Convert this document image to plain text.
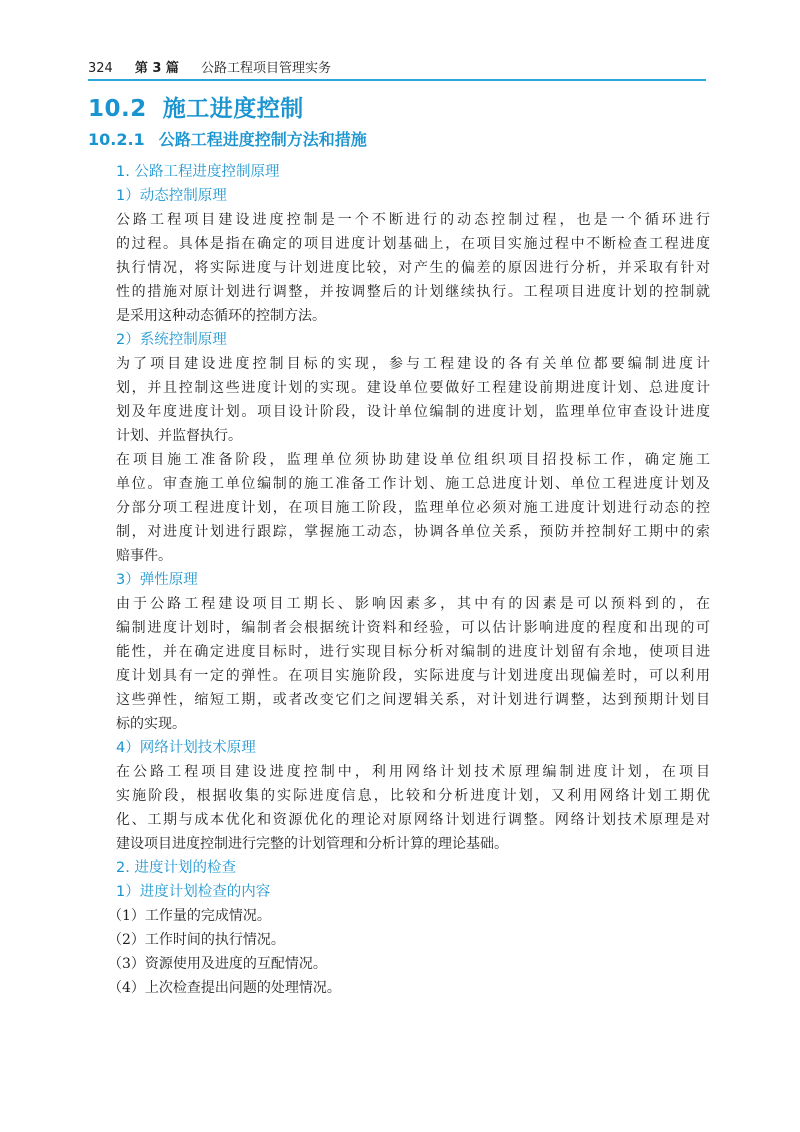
324 第 3 篇 公路工程项目管理实务
10.2 施工进度控制
10.2.1 公路工程进度控制方法和措施
1. 公路工程进度控制原理
1）动态控制原理

公路工程项目建设进度控制是一个不断进行的动态控制过程，也是一个循环进行
的过程。具体是指在确定的项目进度计划基础上，在项目实施过程中不断检查工程进度
执行情况，将实际进度与计划进度比较，对产生的偏差的原因进行分析，并采取有针对
性的措施对原计划进行调整，并按调整后的计划继续执行。工程项目进度计划的控制就
是采用这种动态循环的控制方法。

2）系统控制原理

为了项目建设进度控制目标的实现，参与工程建设的各有关单位都要编制进度计
划，并且控制这些进度计划的实现。建设单位要做好工程建设前期进度计划、总进度计
划及年度进度计划。项目设计阶段，设计单位编制的进度计划，监理单位审查设计进度
计划、并监督执行。

在项目施工准备阶段，监理单位须协助建设单位组织项目招投标工作，确定施工
单位。审查施工单位编制的施工准备工作计划、施工总进度计划、单位工程进度计划及
分部分项工程进度计划，在项目施工阶段，监理单位必须对施工进度计划进行动态的控
制，对进度计划进行跟踪，掌握施工动态，协调各单位关系，预防并控制好工期中的索
赔事件。

3）弹性原理

由于公路工程建设项目工期长、影响因素多，其中有的因素是可以预料到的，在
编制进度计划时，编制者会根据统计资料和经验，可以估计影响进度的程度和出现的可
能性，并在确定进度目标时，进行实现目标分析对编制的进度计划留有余地，使项目进
度计划具有一定的弹性。在项目实施阶段，实际进度与计划进度出现偏差时，可以利用
这些弹性，缩短工期，或者改变它们之间逻辑关系，对计划进行调整，达到预期计划目
标的实现。

4）网络计划技术原理

在公路工程项目建设进度控制中，利用网络计划技术原理编制进度计划，在项目
实施阶段，根据收集的实际进度信息，比较和分析进度计划，又利用网络计划工期优
化、工期与成本优化和资源优化的理论对原网络计划进行调整。网络计划技术原理是对
建设项目进度控制进行完整的计划管理和分析计算的理论基础。

2. 进度计划的检查
1）进度计划检查的内容
（1）工作量的完成情况。
（2）工作时间的执行情况。
（3）资源使用及进度的互配情况。
（4）上次检查提出问题的处理情况。
